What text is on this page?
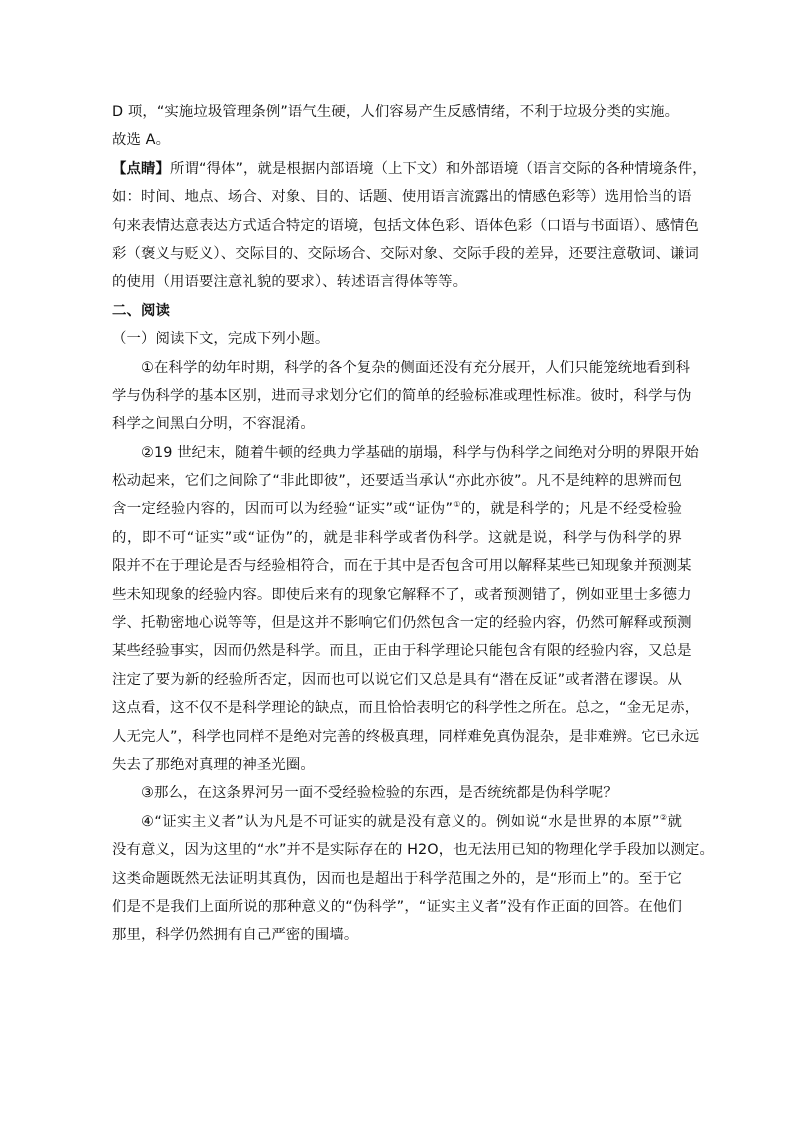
D 项，“实施垃圾管理条例”语气生硬，人们容易产生反感情绪，不利于垃圾分类的实施。
故选 A。
【点睛】所谓“得体”，就是根据内部语境（上下文）和外部语境（语言交际的各种情境条件，
如：时间、地点、场合、对象、目的、话题、使用语言流露出的情感色彩等）选用恰当的语
句来表情达意表达方式适合特定的语境，包括文体色彩、语体色彩（口语与书面语）、感情色
彩（褒义与贬义）、交际目的、交际场合、交际对象、交际手段的差异，还要注意敬词、谦词
的使用（用语要注意礼貌的要求）、转述语言得体等等。
二、阅读
（一）阅读下文，完成下列小题。
①在科学的幼年时期，科学的各个复杂的侧面还没有充分展开，人们只能笼统地看到科
学与伪科学的基本区别，进而寻求划分它们的简单的经验标准或理性标准。彼时，科学与伪
科学之间黑白分明，不容混淆。
②19 世纪末，随着牛顿的经典力学基础的崩塌，科学与伪科学之间绝对分明的界限开始
松动起来，它们之间除了“非此即彼”，还要适当承认“亦此亦彼”。凡不是纯粹的思辨而包
含一定经验内容的，因而可以为经验“证实”或“证伪”①的，就是科学的；凡是不经受检验
的，即不可“证实”或“证伪”的，就是非科学或者伪科学。这就是说，科学与伪科学的界
限并不在于理论是否与经验相符合，而在于其中是否包含可用以解释某些已知现象并预测某
些未知现象的经验内容。即使后来有的现象它解释不了，或者预测错了，例如亚里士多德力
学、托勒密地心说等等，但是这并不影响它们仍然包含一定的经验内容，仍然可解释或预测
某些经验事实，因而仍然是科学。而且，正由于科学理论只能包含有限的经验内容，又总是
注定了要为新的经验所否定，因而也可以说它们又总是具有“潜在反证”或者潜在谬误。从
这点看，这不仅不是科学理论的缺点，而且恰恰表明它的科学性之所在。总之，“金无足赤，
人无完人”，科学也同样不是绝对完善的终极真理，同样难免真伪混杂，是非难辨。它已永远
失去了那绝对真理的神圣光圈。
③那么，在这条界河另一面不受经验检验的东西，是否统统都是伪科学呢？
④“证实主义者”认为凡是不可证实的就是没有意义的。例如说“水是世界的本原”②就
没有意义，因为这里的“水”并不是实际存在的 H2O，也无法用已知的物理化学手段加以测定。
这类命题既然无法证明其真伪，因而也是超出于科学范围之外的，是“形而上”的。至于它
们是不是我们上面所说的那种意义的“伪科学”，“证实主义者”没有作正面的回答。在他们
那里，科学仍然拥有自己严密的围墙。
